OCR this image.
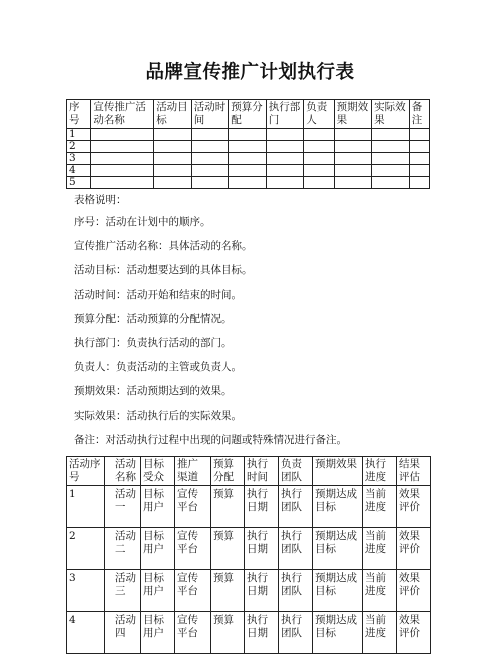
品牌宣传推广计划执行表
序号	宣传推广活动名称	活动目标	活动时间	预算分配	执行部门	负责人	预期效果	实际效果	备注
1									
2									
3									
4									
5									

表格说明：

序号：活动在计划中的顺序。

宣传推广活动名称：具体活动的名称。

活动目标：活动想要达到的具体目标。

活动时间：活动开始和结束的时间。

预算分配：活动预算的分配情况。

执行部门：负责执行活动的部门。

负责人：负责活动的主管或负责人。

预期效果：活动预期达到的效果。

实际效果：活动执行后的实际效果。

备注：对活动执行过程中出现的问题或特殊情况进行备注。

活动序号	活动名称	目标受众	推广渠道	预算分配	执行时间	负责团队	预期效果	执行进度	结果评估
1	活动一	目标用户	宣传平台	预算	执行日期	执行团队	预期达成目标	当前进度	效果评价
2	活动二	目标用户	宣传平台	预算	执行日期	执行团队	预期达成目标	当前进度	效果评价
3	活动三	目标用户	宣传平台	预算	执行日期	执行团队	预期达成目标	当前进度	效果评价
4	活动四	目标用户	宣传平台	预算	执行日期	执行团队	预期达成目标	当前进度	效果评价
